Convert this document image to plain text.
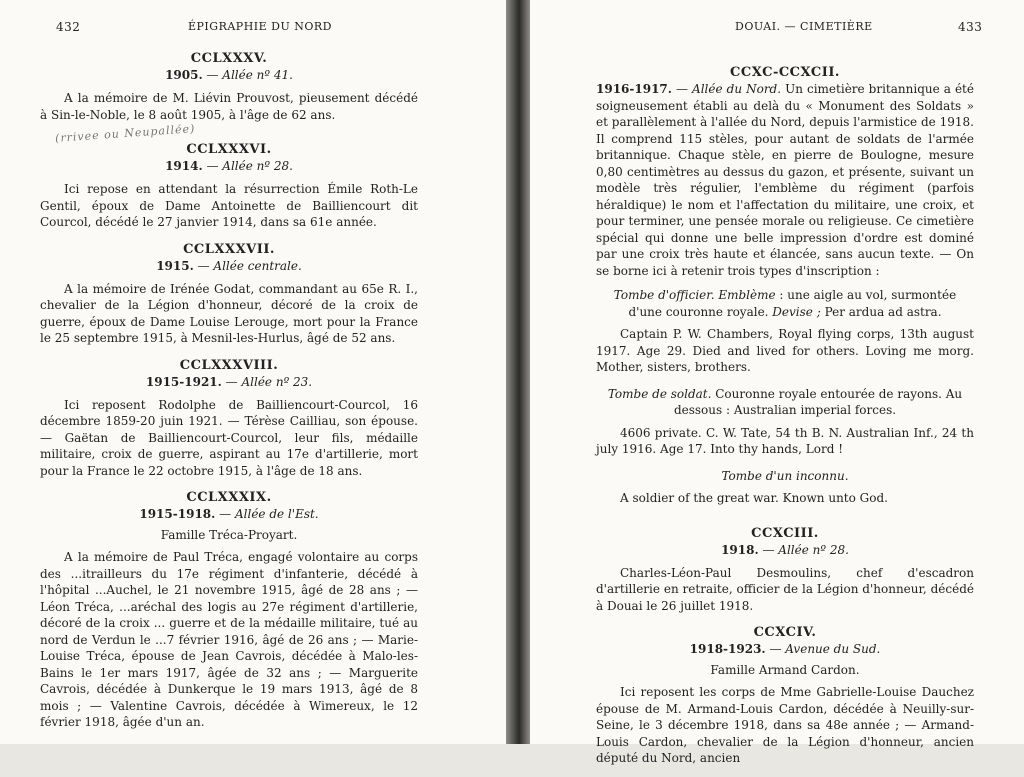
432	ÉPIGRAPHIE DU NORD
(rrivee ou Neupallée)

CCLXXXV.

1905. — Allée nº 41.

A la mémoire de M. Liévin Prouvost, pieusement décédé à Sin-le-Noble, le 8 août 1905, à l'âge de 62 ans.

CCLXXXVI.

1914. — Allée nº 28.

Ici repose en attendant la résurrection Émile Roth-Le Gentil, époux de Dame Antoinette de Bailliencourt dit Courcol, décédé le 27 janvier 1914, dans sa 61e année.

CCLXXXVII.

1915. — Allée centrale.

A la mémoire de Irénée Godat, commandant au 65e R. I., chevalier de la Légion d'honneur, décoré de la croix de guerre, époux de Dame Louise Lerouge, mort pour la France le 25 septembre 1915, à Mesnil-les-Hurlus, âgé de 52 ans.

CCLXXXVIII.

1915-1921. — Allée nº 23.

Ici reposent Rodolphe de Bailliencourt-Courcol, 16 décembre 1859-20 juin 1921. — Térèse Cailliau, son épouse. — Gaëtan de Bailliencourt-Courcol, leur fils, médaille militaire, croix de guerre, aspirant au 17e d'artillerie, mort pour la France le 22 octobre 1915, à l'âge de 18 ans.

CCLXXXIX.

1915-1918. — Allée de l'Est.

Famille Tréca-Proyart.

A la mémoire de Paul Tréca, engagé volontaire au corps des ...itrailleurs du 17e régiment d'infanterie, décédé à l'hôpital ...Auchel, le 21 novembre 1915, âgé de 28 ans ; — Léon Tréca, ...aréchal des logis au 27e régiment d'artillerie, décoré de la croix ... guerre et de la médaille militaire, tué au nord de Verdun le ...7 février 1916, âgé de 26 ans ; — Marie-Louise Tréca, épouse de Jean Cavrois, décédée à Malo-les-Bains le 1er mars 1917, âgée de 32 ans ; — Marguerite Cavrois, décédée à Dunkerque le 19 mars 1913, âgé de 8 mois ; — Valentine Cavrois, décédée à Wimereux, le 12 février 1918, âgée d'un an.

DOUAI. — CIMETIÈRE	433

CCXC-CCXCII.

1916-1917. — Allée du Nord. Un cimetière britannique a été soigneusement établi au delà du « Monument des Soldats » et parallèlement à l'allée du Nord, depuis l'armistice de 1918. Il comprend 115 stèles, pour autant de soldats de l'armée britannique. Chaque stèle, en pierre de Boulogne, mesure 0,80 centimètres au dessus du gazon, et présente, suivant un modèle très régulier, l'emblème du régiment (parfois héraldique) le nom et l'affectation du militaire, une croix, et pour terminer, une pensée morale ou religieuse. Ce cimetière spécial qui donne une belle impression d'ordre est dominé par une croix très haute et élancée, sans aucun texte. — On se borne ici à retenir trois types d'inscription :

Tombe d'officier. Emblème : une aigle au vol, surmontée d'une couronne royale. Devise ; Per ardua ad astra.

Captain P. W. Chambers, Royal flying corps, 13th august 1917. Age 29. Died and lived for others. Loving me morg. Mother, sisters, brothers.

Tombe de soldat. Couronne royale entourée de rayons. Au dessous : Australian imperial forces.

4606 private. C. W. Tate, 54 th B. N. Australian Inf., 24 th july 1916. Age 17. Into thy hands, Lord !

Tombe d'un inconnu.

A soldier of the great war. Known unto God.

CCXCIII.

1918. — Allée nº 28.

Charles-Léon-Paul Desmoulins, chef d'escadron d'artillerie en retraite, officier de la Légion d'honneur, décédé à Douai le 26 juillet 1918.

CCXCIV.

1918-1923. — Avenue du Sud.

Famille Armand Cardon.

Ici reposent les corps de Mme Gabrielle-Louise Dauchez épouse de M. Armand-Louis Cardon, décédée à Neuilly-sur-Seine, le 3 décembre 1918, dans sa 48e année ; — Armand-Louis Cardon, chevalier de la Légion d'honneur, ancien député du Nord, ancien
